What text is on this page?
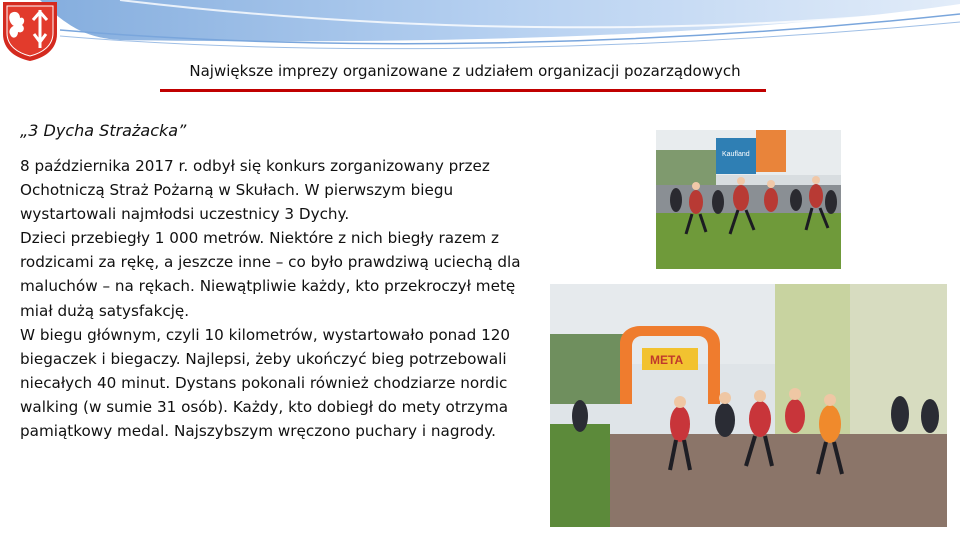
Największe imprezy organizowane z udziałem organizacji pozarządowych
„3 Dycha Strażacka”

8 października 2017 r. odbył się konkurs zorganizowany przez Ochotniczą Straż Pożarną w Skułach. W pierwszym biegu wystartowali najmłodsi uczestnicy 3 Dychy.

Dzieci przebiegły 1 000 metrów. Niektóre z nich biegły razem z rodzicami za rękę, a jeszcze inne – co było prawdziwą uciechą dla maluchów – na rękach. Niewątpliwie każdy, kto przekroczył metę miał dużą satysfakcję.

W biegu głównym, czyli 10 kilometrów, wystartowało ponad 120 biegaczek i biegaczy. Najlepsi, żeby ukończyć bieg potrzebowali niecałych 40 minut. Dystans pokonali również chodziarze nordic walking (w sumie 31 osób). Każdy, kto dobiegł do mety otrzyma pamiątkowy medal. Najszybszym wręczono puchary i nagrody.

Kaufland
META
